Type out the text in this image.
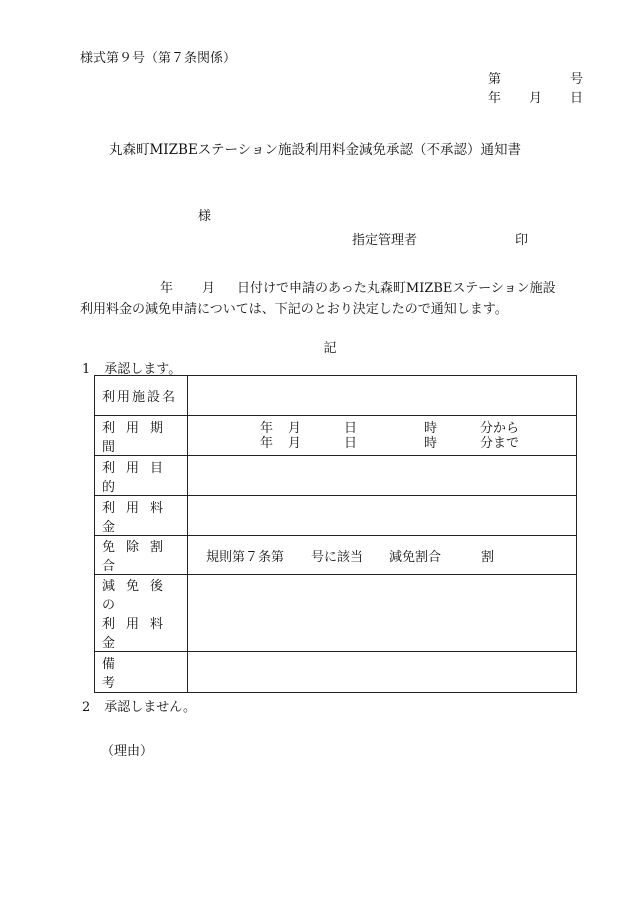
様式第９号（第７条関係）
第	号
年 月 日
丸森町MIZBEステーション施設利用料金減免承認（不承認）通知書
様
指定管理者	印
年 月 日付けで申請のあった丸森町MIZBEステーション施設
利用料金の減免申請については、下記のとおり決定したので通知します。
記
1 承認します。
利用施設名	

利用期間	年 月 日 時 分から
年 月 日 時 分まで

利用目的	

利用料金	

免除割合	規則第７条第 号に該当 減免割合 割

減免後の
利用料金	

備考	

2 承認しません。
（理由）
